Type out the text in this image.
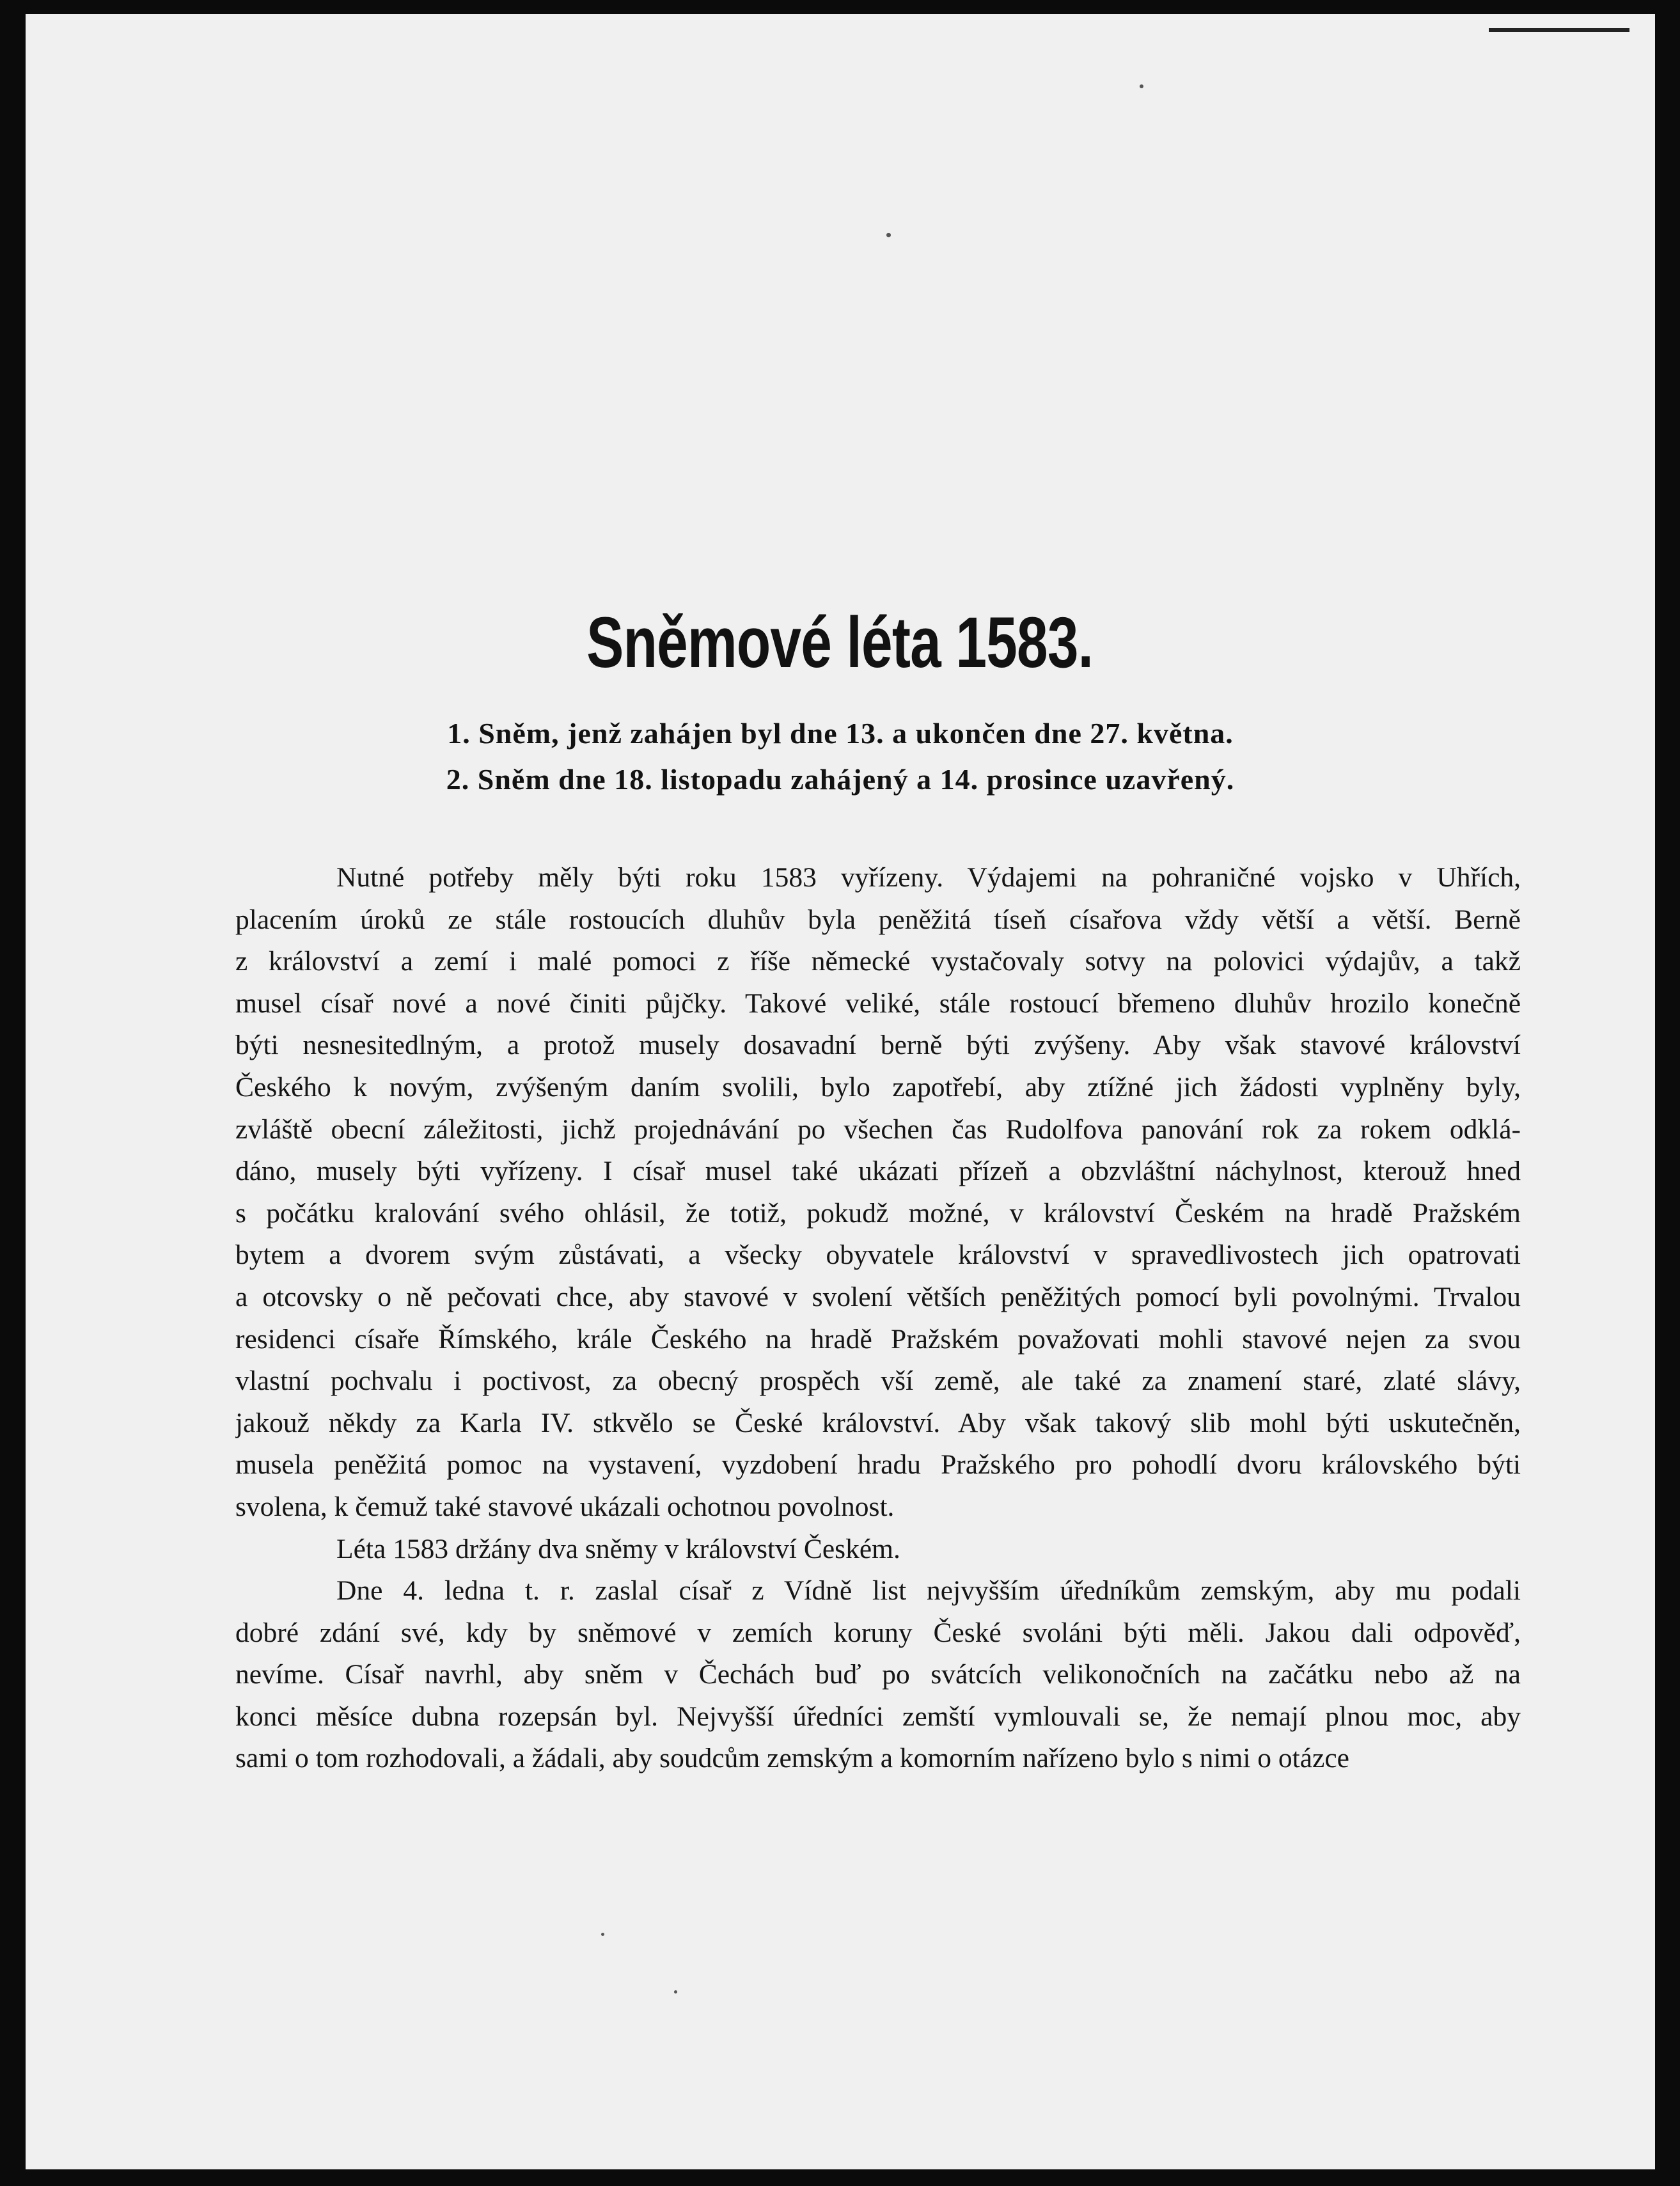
Sněmové léta 1583.

1. Sněm, jenž zahájen byl dne 13. a ukončen dne 27. května.

2. Sněm dne 18. listopadu zahájený a 14. prosince uzavřený.

Nutné potřeby měly býti roku 1583 vyřízeny. Výdajemi na pohraničné vojsko v Uhřích,
placením úroků ze stále rostoucích dluhův byla peněžitá tíseň císařova vždy větší a větší. Berně
z království a zemí i malé pomoci z říše německé vystačovaly sotvy na polovici výdajův, a takž
musel císař nové a nové činiti půjčky. Takové veliké, stále rostoucí břemeno dluhův hrozilo konečně
býti nesnesitedlným, a protož musely dosavadní berně býti zvýšeny. Aby však stavové království
Českého k novým, zvýšeným daním svolili, bylo zapotřebí, aby ztížné jich žádosti vyplněny byly,
zvláště obecní záležitosti, jichž projednávání po všechen čas Rudolfova panování rok za rokem odklá-
dáno, musely býti vyřízeny. I císař musel také ukázati přízeň a obzvláštní náchylnost, kterouž hned
s počátku kralování svého ohlásil, že totiž, pokudž možné, v království Českém na hradě Pražském
bytem a dvorem svým zůstávati, a všecky obyvatele království v spravedlivostech jich opatrovati
a otcovsky o ně pečovati chce, aby stavové v svolení větších peněžitých pomocí byli povolnými. Trvalou
residenci císaře Římského, krále Českého na hradě Pražském považovati mohli stavové nejen za svou
vlastní pochvalu i poctivost, za obecný prospěch vší země, ale také za znamení staré, zlaté slávy,
jakouž někdy za Karla IV. stkvělo se České království. Aby však takový slib mohl býti uskutečněn,
musela peněžitá pomoc na vystavení, vyzdobení hradu Pražského pro pohodlí dvoru královského býti
svolena, k čemuž také stavové ukázali ochotnou povolnost.
Léta 1583 držány dva sněmy v království Českém.
Dne 4. ledna t. r. zaslal císař z Vídně list nejvyšším úředníkům zemským, aby mu podali
dobré zdání své, kdy by sněmové v zemích koruny České svoláni býti měli. Jakou dali odpověď,
nevíme. Císař navrhl, aby sněm v Čechách buď po svátcích velikonočních na začátku nebo až na
konci měsíce dubna rozepsán byl. Nejvyšší úředníci zemští vymlouvali se, že nemají plnou moc, aby
sami o tom rozhodovali, a žádali, aby soudcům zemským a komorním nařízeno bylo s nimi o otázce
